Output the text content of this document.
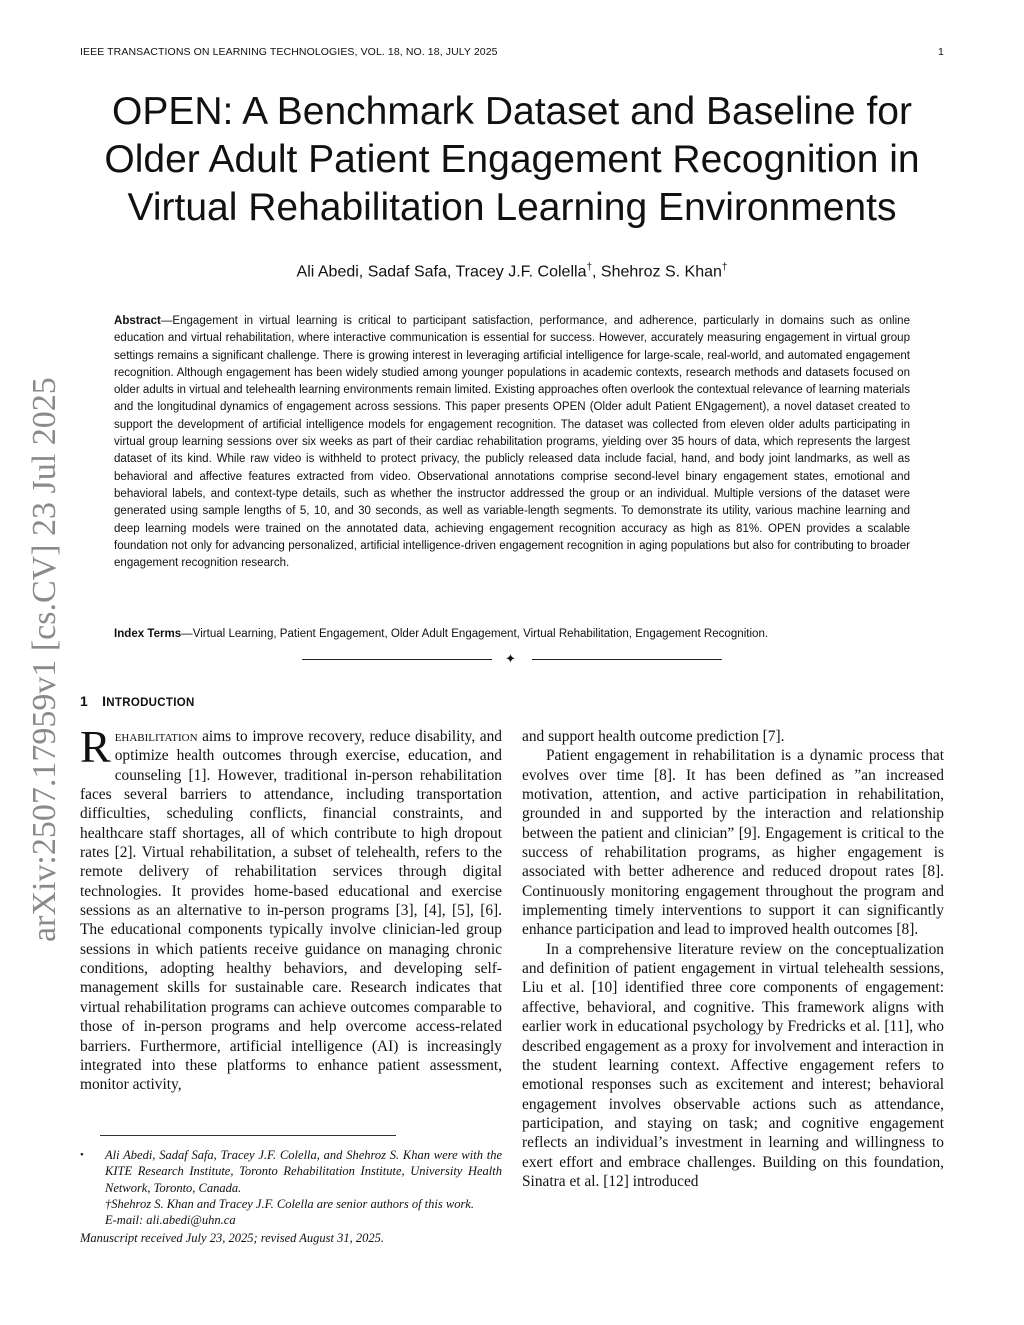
IEEE TRANSACTIONS ON LEARNING TECHNOLOGIES, VOL. 18, NO. 18, JULY 2025	1
arXiv:2507.17959v1 [cs.CV] 23 Jul 2025
OPEN: A Benchmark Dataset and Baseline for
Older Adult Patient Engagement Recognition in
Virtual Rehabilitation Learning Environments
Ali Abedi, Sadaf Safa, Tracey J.F. Colella†, Shehroz S. Khan†

Abstract—Engagement in virtual learning is critical to participant satisfaction, performance, and adherence, particularly in domains such as online education and virtual rehabilitation, where interactive communication is essential for success. However, accurately measuring engagement in virtual group settings remains a significant challenge. There is growing interest in leveraging artificial intelligence for large-scale, real-world, and automated engagement recognition. Although engagement has been widely studied among younger populations in academic contexts, research methods and datasets focused on older adults in virtual and telehealth learning environments remain limited. Existing approaches often overlook the contextual relevance of learning materials and the longitudinal dynamics of engagement across sessions. This paper presents OPEN (Older adult Patient ENgagement), a novel dataset created to support the development of artificial intelligence models for engagement recognition. The dataset was collected from eleven older adults participating in virtual group learning sessions over six weeks as part of their cardiac rehabilitation programs, yielding over 35 hours of data, which represents the largest dataset of its kind. While raw video is withheld to protect privacy, the publicly released data include facial, hand, and body joint landmarks, as well as behavioral and affective features extracted from video. Observational annotations comprise second-level binary engagement states, emotional and behavioral labels, and context-type details, such as whether the instructor addressed the group or an individual. Multiple versions of the dataset were generated using sample lengths of 5, 10, and 30 seconds, as well as variable-length segments. To demonstrate its utility, various machine learning and deep learning models were trained on the annotated data, achieving engagement recognition accuracy as high as 81%. OPEN provides a scalable foundation not only for advancing personalized, artificial intelligence-driven engagement recognition in aging populations but also for contributing to broader engagement recognition research.

Index Terms—Virtual Learning, Patient Engagement, Older Adult Engagement, Virtual Rehabilitation, Engagement Recognition.

✦
1 INTRODUCTION

Rehabilitation aims to improve recovery, reduce disability, and optimize health outcomes through exercise, education, and counseling [1]. However, traditional in-person rehabilitation faces several barriers to attendance, including transportation difficulties, scheduling conflicts, financial constraints, and healthcare staff shortages, all of which contribute to high dropout rates [2]. Virtual rehabilitation, a subset of telehealth, refers to the remote delivery of rehabilitation services through digital technologies. It provides home-based educational and exercise sessions as an alternative to in-person programs [3], [4], [5], [6]. The educational components typically involve clinician-led group sessions in which patients receive guidance on managing chronic conditions, adopting healthy behaviors, and developing self-management skills for sustainable care. Research indicates that virtual rehabilitation programs can achieve outcomes comparable to those of in-person programs and help overcome access-related barriers. Furthermore, artificial intelligence (AI) is increasingly integrated into these platforms to enhance patient assessment, monitor activity,

and support health outcome prediction [7].

Patient engagement in rehabilitation is a dynamic process that evolves over time [8]. It has been defined as ”an increased motivation, attention, and active participation in rehabilitation, grounded in and supported by the interaction and relationship between the patient and clinician” [9]. Engagement is critical to the success of rehabilitation programs, as higher engagement is associated with better adherence and reduced dropout rates [8]. Continuously monitoring engagement throughout the program and implementing timely interventions to support it can significantly enhance participation and lead to improved health outcomes [8].

In a comprehensive literature review on the conceptualization and definition of patient engagement in virtual telehealth sessions, Liu et al. [10] identified three core components of engagement: affective, behavioral, and cognitive. This framework aligns with earlier work in educational psychology by Fredricks et al. [11], who described engagement as a proxy for involvement and interaction in the student learning context. Affective engagement refers to emotional responses such as excitement and interest; behavioral engagement involves observable actions such as attendance, participation, and staying on task; and cognitive engagement reflects an individual’s investment in learning and willingness to exert effort and embrace challenges. Building on this foundation, Sinatra et al. [12] introduced

• Ali Abedi, Sadaf Safa, Tracey J.F. Colella, and Shehroz S. Khan were with the KITE Research Institute, Toronto Rehabilitation Institute, University Health Network, Toronto, Canada.
†Shehroz S. Khan and Tracey J.F. Colella are senior authors of this work.
E-mail: ali.abedi@uhn.ca
Manuscript received July 23, 2025; revised August 31, 2025.
